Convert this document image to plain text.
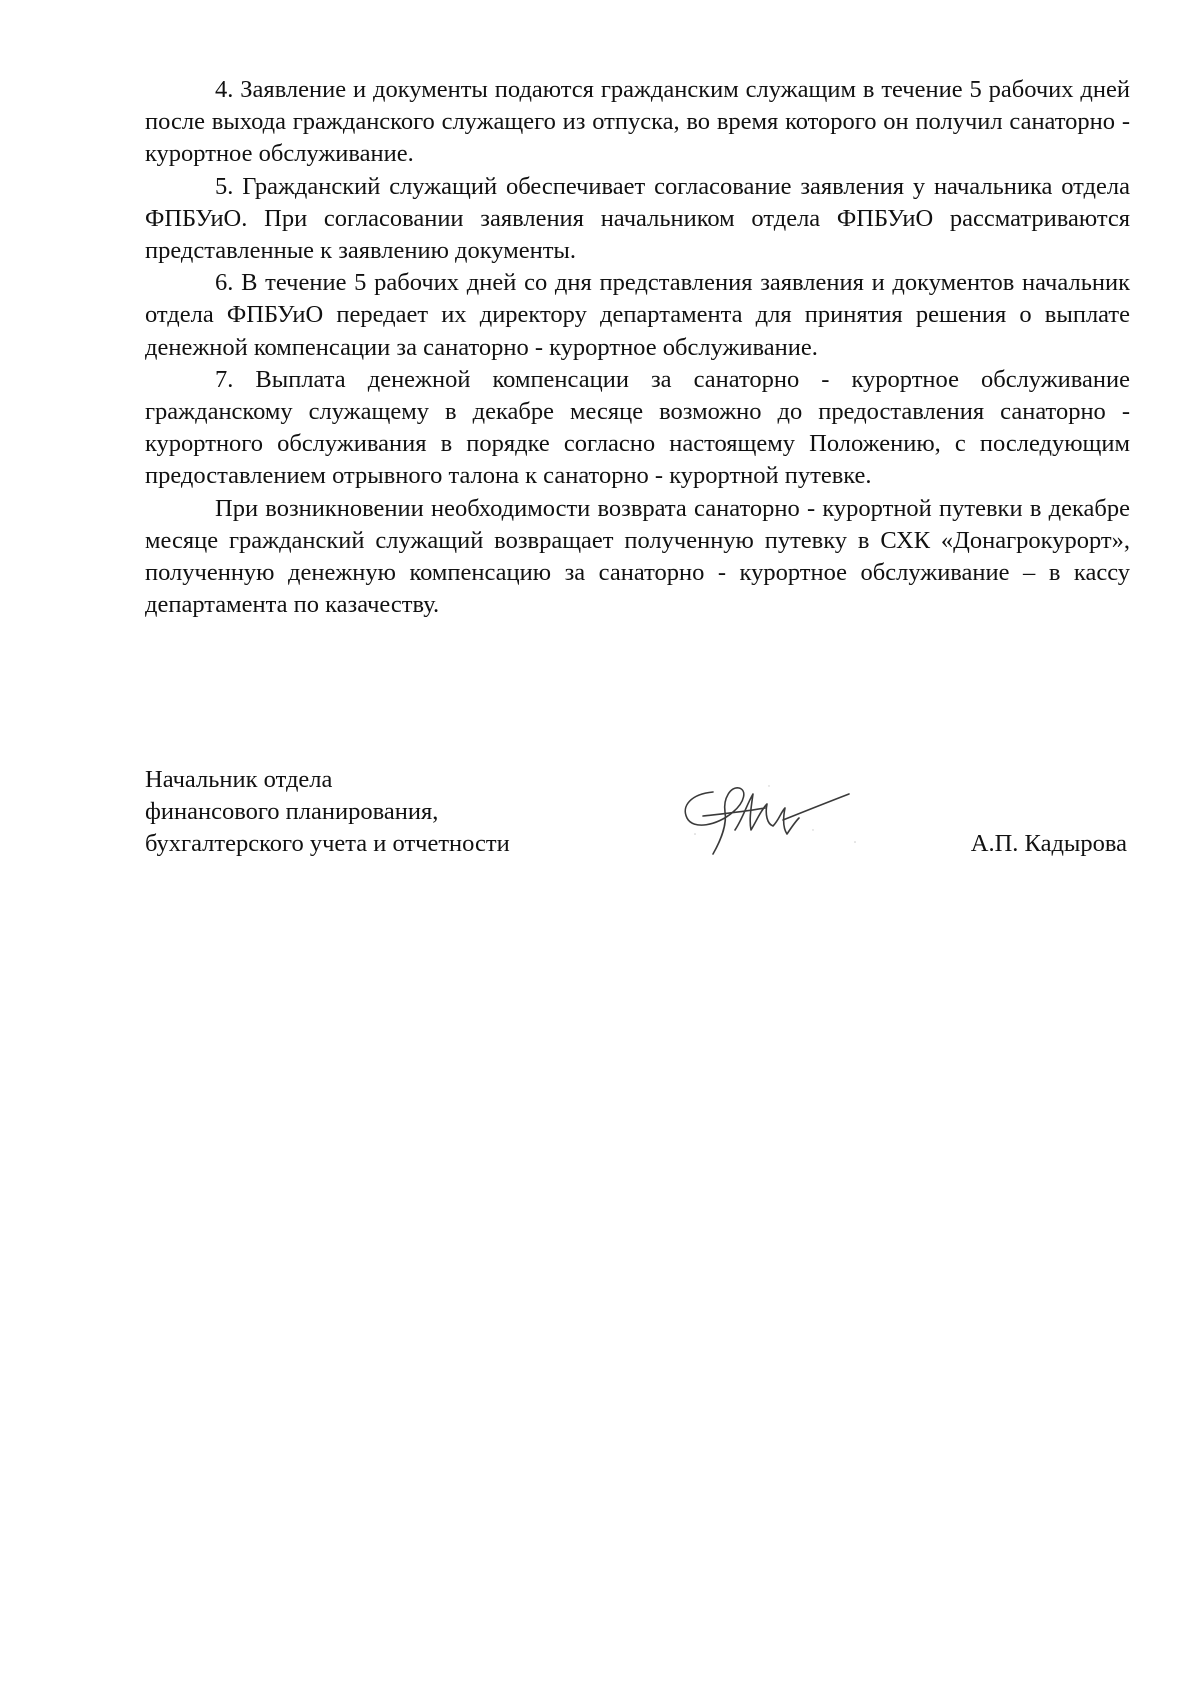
4. Заявление и документы подаются гражданским служащим в течение 5 рабочих дней после выхода гражданского служащего из отпуска, во время которого он получил санаторно - курортное обслуживание.

5. Гражданский служащий обеспечивает согласование заявления у начальника отдела ФПБУиО. При согласовании заявления начальником отдела ФПБУиО рассматриваются представленные к заявлению документы.

6. В течение 5 рабочих дней со дня представления заявления и документов начальник отдела ФПБУиО передает их директору департамента для принятия решения о выплате денежной компенсации за санаторно - курортное обслуживание.

7. Выплата денежной компенсации за санаторно - курортное обслуживание гражданскому служащему в декабре месяце возможно до предоставления санаторно - курортного обслуживания в порядке согласно настоящему Положению, с последующим предоставлением отрывного талона к санаторно - курортной путевке.

При возникновении необходимости возврата санаторно - курортной путевки в декабре месяце гражданский служащий возвращает полученную путевку в СХК «Донагрокурорт», полученную денежную компенсацию за санаторно - курортное обслуживание – в кассу департамента по казачеству.

Начальник отдела
финансового планирования,
бухгалтерского учета и отчетности	А.П. Кадырова
